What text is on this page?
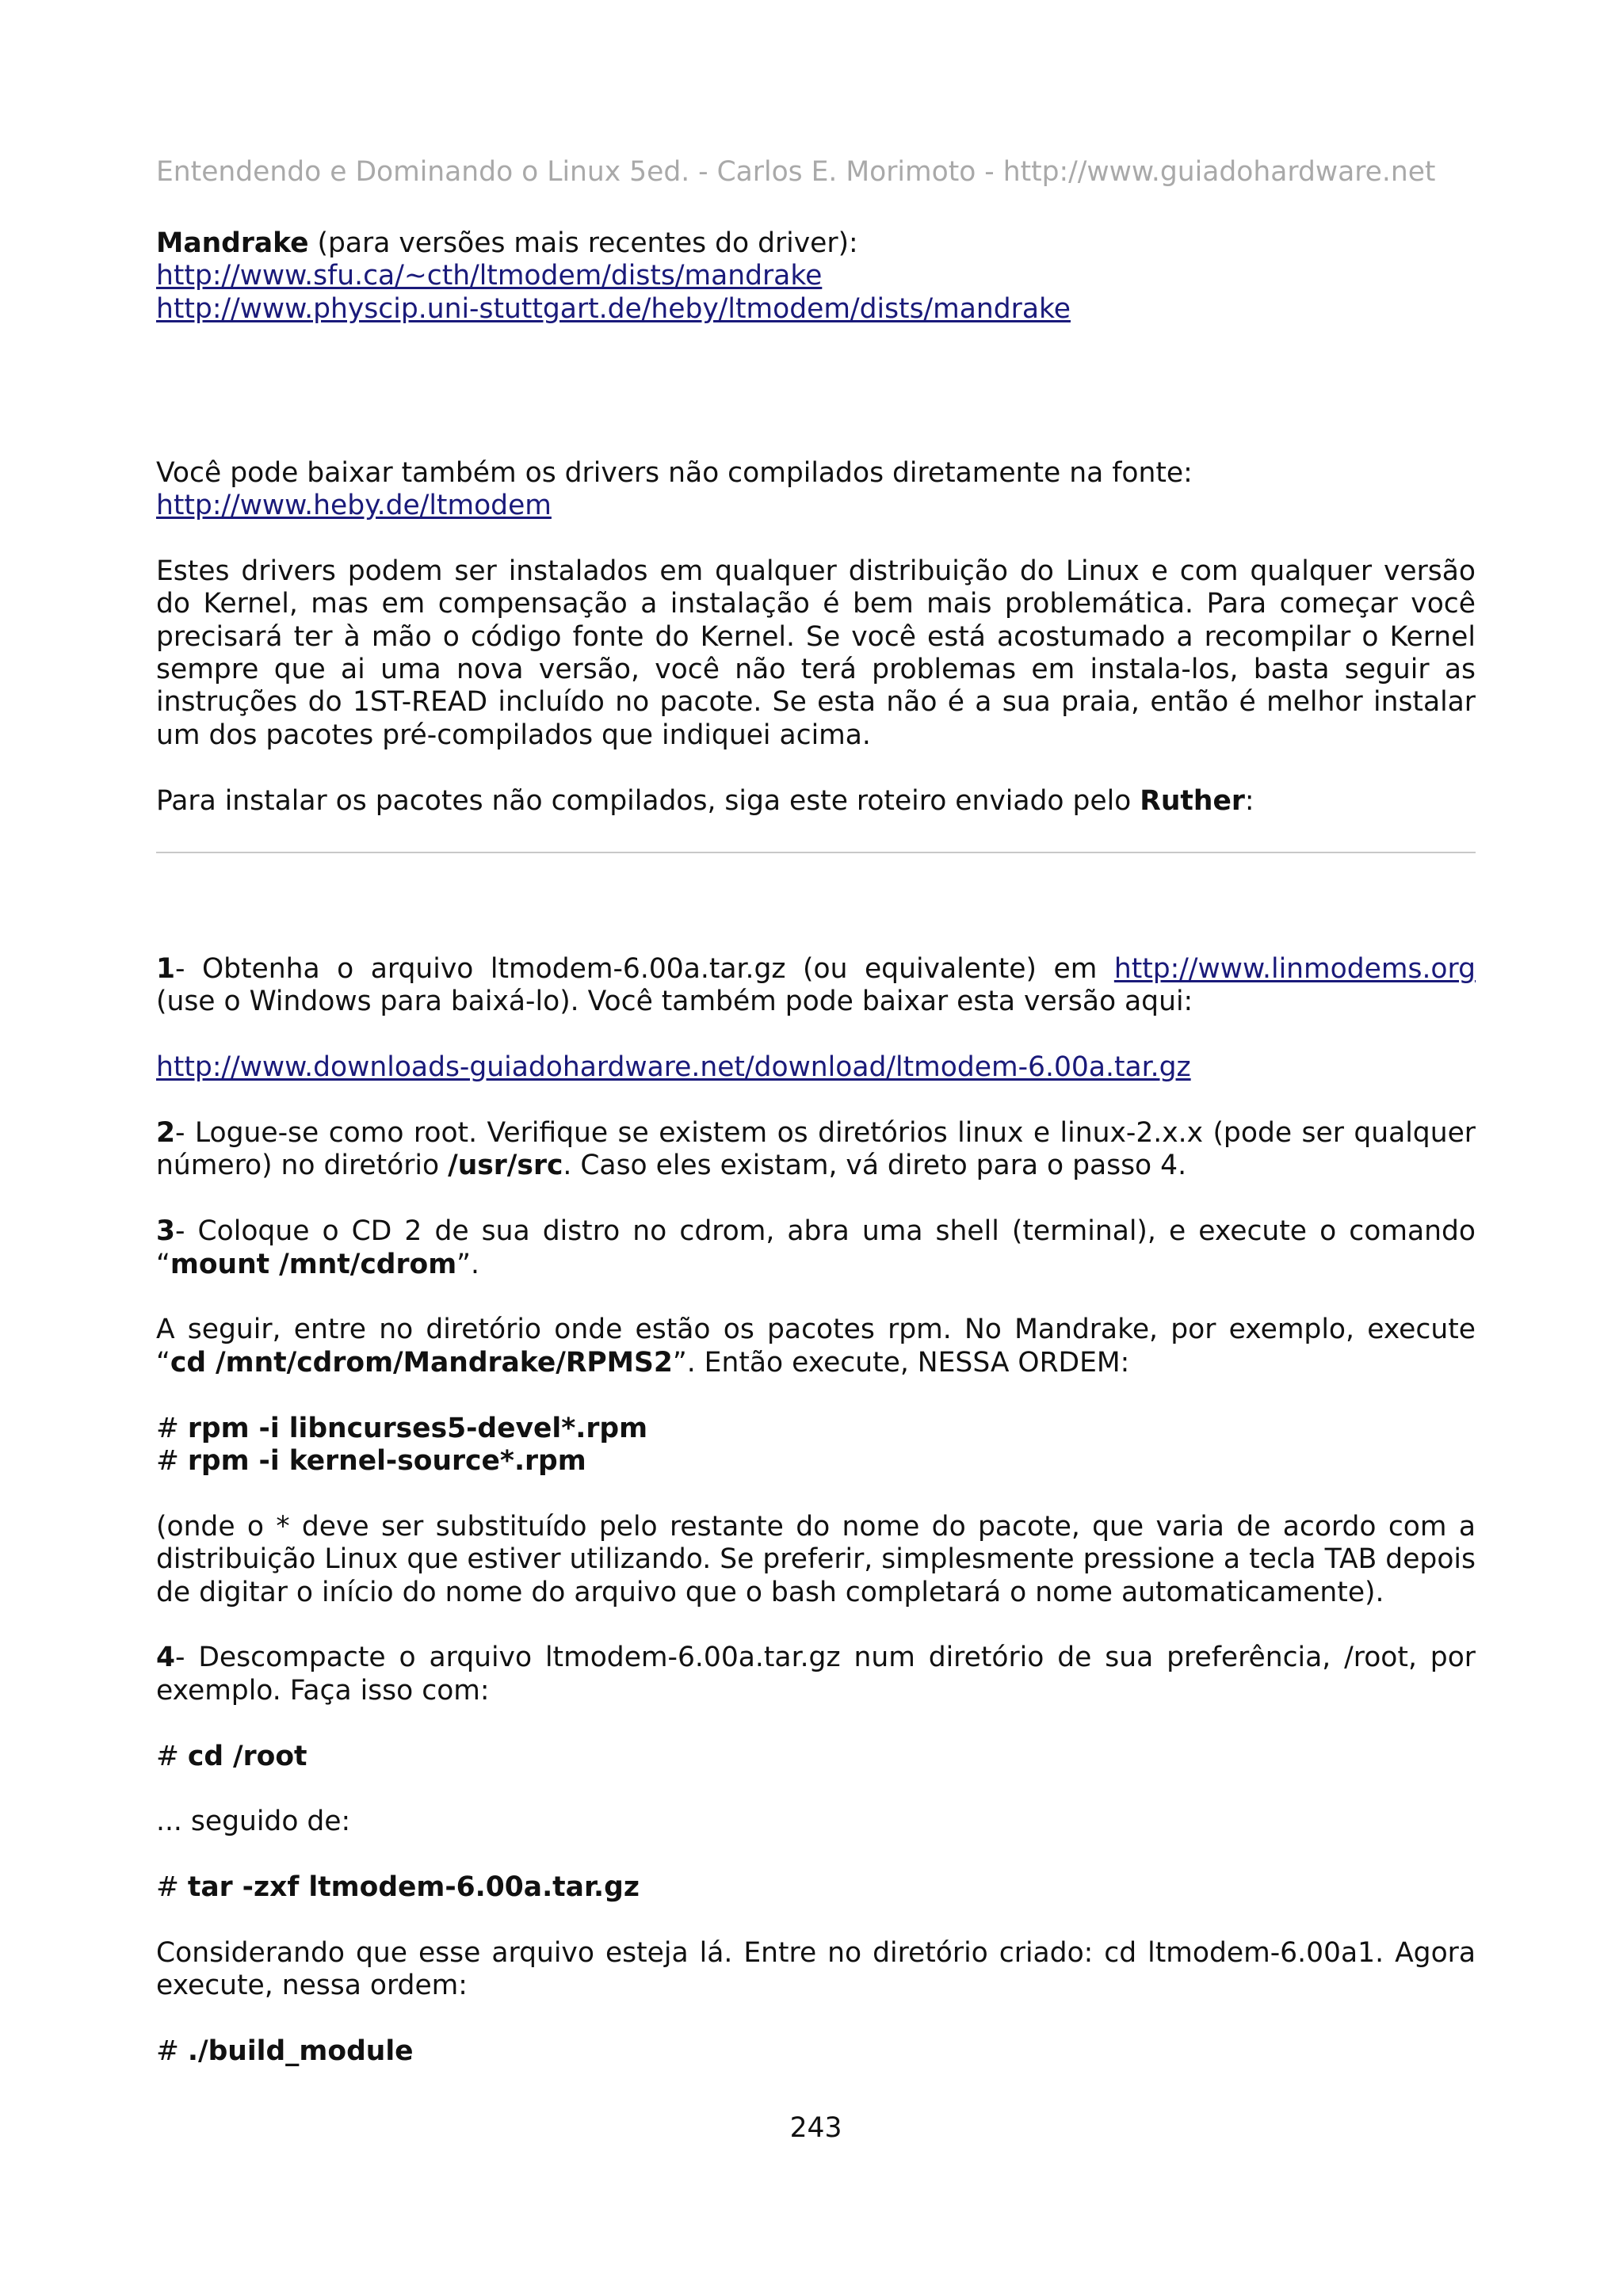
Entendendo e Dominando o Linux 5ed. - Carlos E. Morimoto - http://www.guiadohardware.net

Mandrake (para versões mais recentes do driver):
http://www.sfu.ca/~cth/ltmodem/dists/mandrake
http://www.physcip.uni-stuttgart.de/heby/ltmodem/dists/mandrake

Você pode baixar também os drivers não compilados diretamente na fonte:
http://www.heby.de/ltmodem

Estes drivers podem ser instalados em qualquer distribuição do Linux e com qualquer versão do Kernel, mas em compensação a instalação é bem mais problemática. Para começar você precisará ter à mão o código fonte do Kernel. Se você está acostumado a recompilar o Kernel sempre que ai uma nova versão, você não terá problemas em instala-los, basta seguir as instruções do 1ST-READ incluído no pacote. Se esta não é a sua praia, então é melhor instalar um dos pacotes pré-compilados que indiquei acima.

Para instalar os pacotes não compilados, siga este roteiro enviado pelo Ruther:

1- Obtenha o arquivo ltmodem-6.00a.tar.gz (ou equivalente) em http://www.linmodems.org (use o Windows para baixá-lo). Você também pode baixar esta versão aqui:

http://www.downloads-guiadohardware.net/download/ltmodem-6.00a.tar.gz

2- Logue-se como root. Verifique se existem os diretórios linux e linux-2.x.x (pode ser qualquer número) no diretório /usr/src. Caso eles existam, vá direto para o passo 4.

3- Coloque o CD 2 de sua distro no cdrom, abra uma shell (terminal), e execute o comando “mount /mnt/cdrom”.

A seguir, entre no diretório onde estão os pacotes rpm. No Mandrake, por exemplo, execute “cd /mnt/cdrom/Mandrake/RPMS2”. Então execute, NESSA ORDEM:

# rpm -i libncurses5-devel*.rpm
# rpm -i kernel-source*.rpm

(onde o * deve ser substituído pelo restante do nome do pacote, que varia de acordo com a distribuição Linux que estiver utilizando. Se preferir, simplesmente pressione a tecla TAB depois de digitar o início do nome do arquivo que o bash completará o nome automaticamente).

4- Descompacte o arquivo ltmodem-6.00a.tar.gz num diretório de sua preferência, /root, por exemplo. Faça isso com:

# cd /root

... seguido de:

# tar -zxf ltmodem-6.00a.tar.gz

Considerando que esse arquivo esteja lá. Entre no diretório criado: cd ltmodem-6.00a1. Agora execute, nessa ordem:

# ./build_module

243
